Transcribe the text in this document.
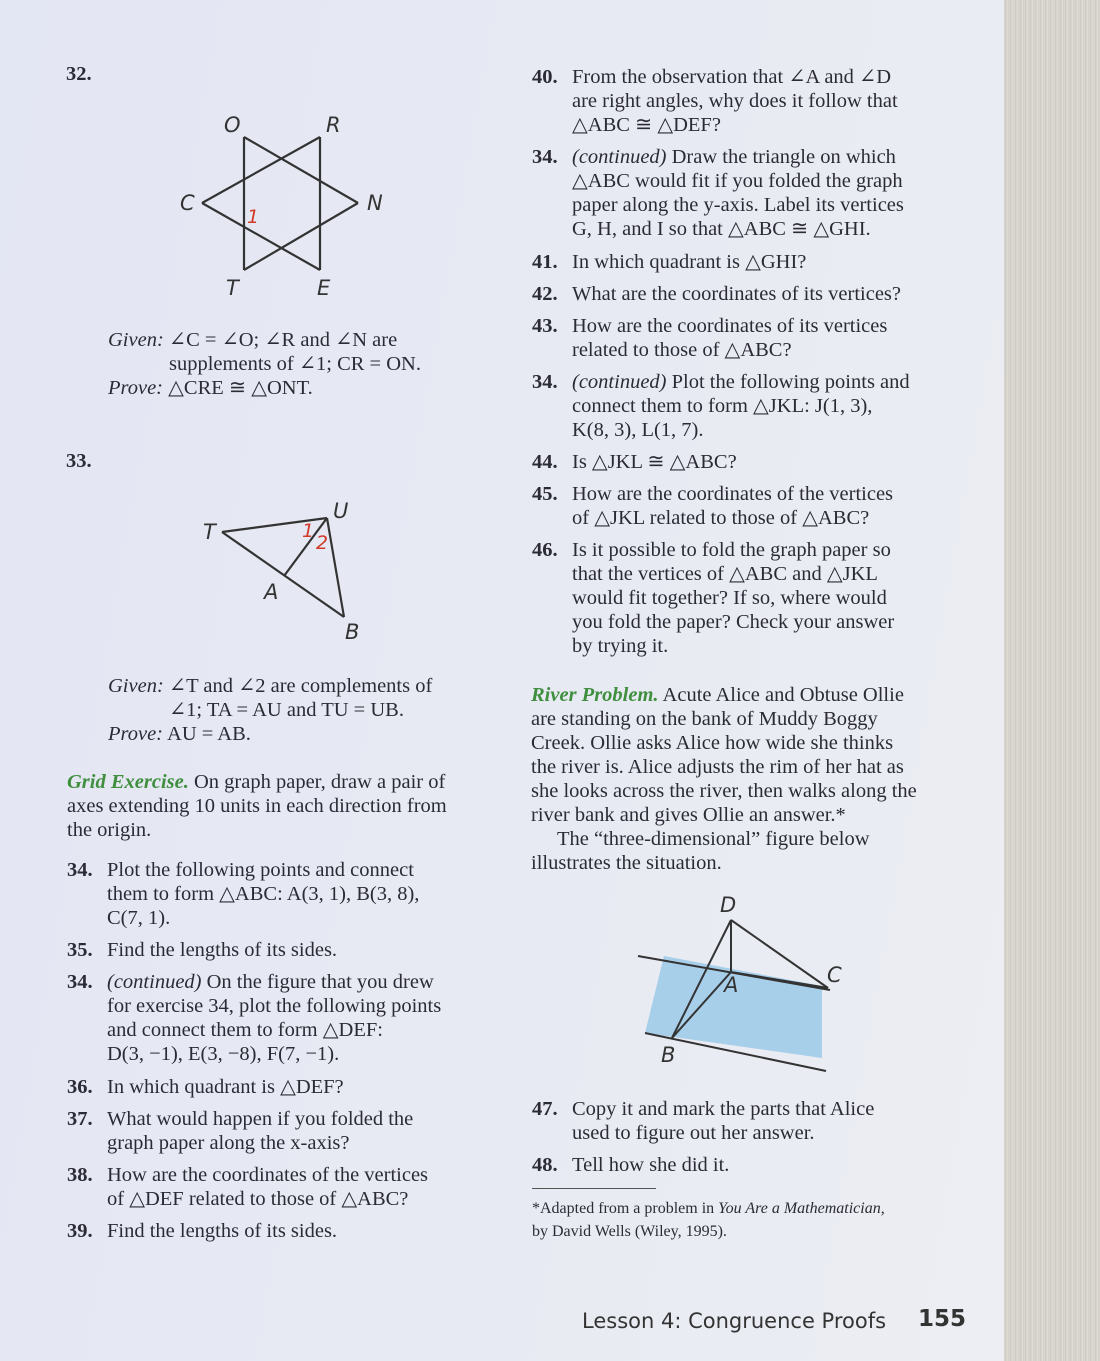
32.
O	R
C	N
T	E
1
Given: ∠C = ∠O; ∠R and ∠N are
supplements of ∠1; CR = ON.
Prove: △CRE ≅ △ONT.
33.
T
U
A
B
1
2
Given: ∠T and ∠2 are complements of
∠1; TA = AU and TU = UB.
Prove: AU = AB.
Grid Exercise. On graph paper, draw a pair of
axes extending 10 units in each direction from
the origin.
34. Plot the following points and connect
them to form △ABC: A(3, 1), B(3, 8),
C(7, 1).
35. Find the lengths of its sides.
34. (continued) On the figure that you drew
for exercise 34, plot the following points
and connect them to form △DEF:
D(3, −1), E(3, −8), F(7, −1).
36. In which quadrant is △DEF?
37. What would happen if you folded the
graph paper along the x-axis?
38. How are the coordinates of the vertices
of △DEF related to those of △ABC?
39. Find the lengths of its sides.
40. From the observation that ∠A and ∠D
are right angles, why does it follow that
△ABC ≅ △DEF?
34. (continued) Draw the triangle on which
△ABC would fit if you folded the graph
paper along the y-axis. Label its vertices
G, H, and I so that △ABC ≅ △GHI.
41. In which quadrant is △GHI?
42. What are the coordinates of its vertices?
43. How are the coordinates of its vertices
related to those of △ABC?
34. (continued) Plot the following points and
connect them to form △JKL: J(1, 3),
K(8, 3), L(1, 7).
44. Is △JKL ≅ △ABC?
45. How are the coordinates of the vertices
of △JKL related to those of △ABC?
46. Is it possible to fold the graph paper so
that the vertices of △ABC and △JKL
would fit together? If so, where would
you fold the paper? Check your answer
by trying it.
River Problem. Acute Alice and Obtuse Ollie
are standing on the bank of Muddy Boggy
Creek. Ollie asks Alice how wide she thinks
the river is. Alice adjusts the rim of her hat as
she looks across the river, then walks along the
river bank and gives Ollie an answer.*
The “three-dimensional” figure below
illustrates the situation.
D
A	C
B
47. Copy it and mark the parts that Alice
used to figure out her answer.
48. Tell how she did it.
*Adapted from a problem in You Are a Mathematician,
by David Wells (Wiley, 1995).
Lesson 4: Congruence Proofs 155
